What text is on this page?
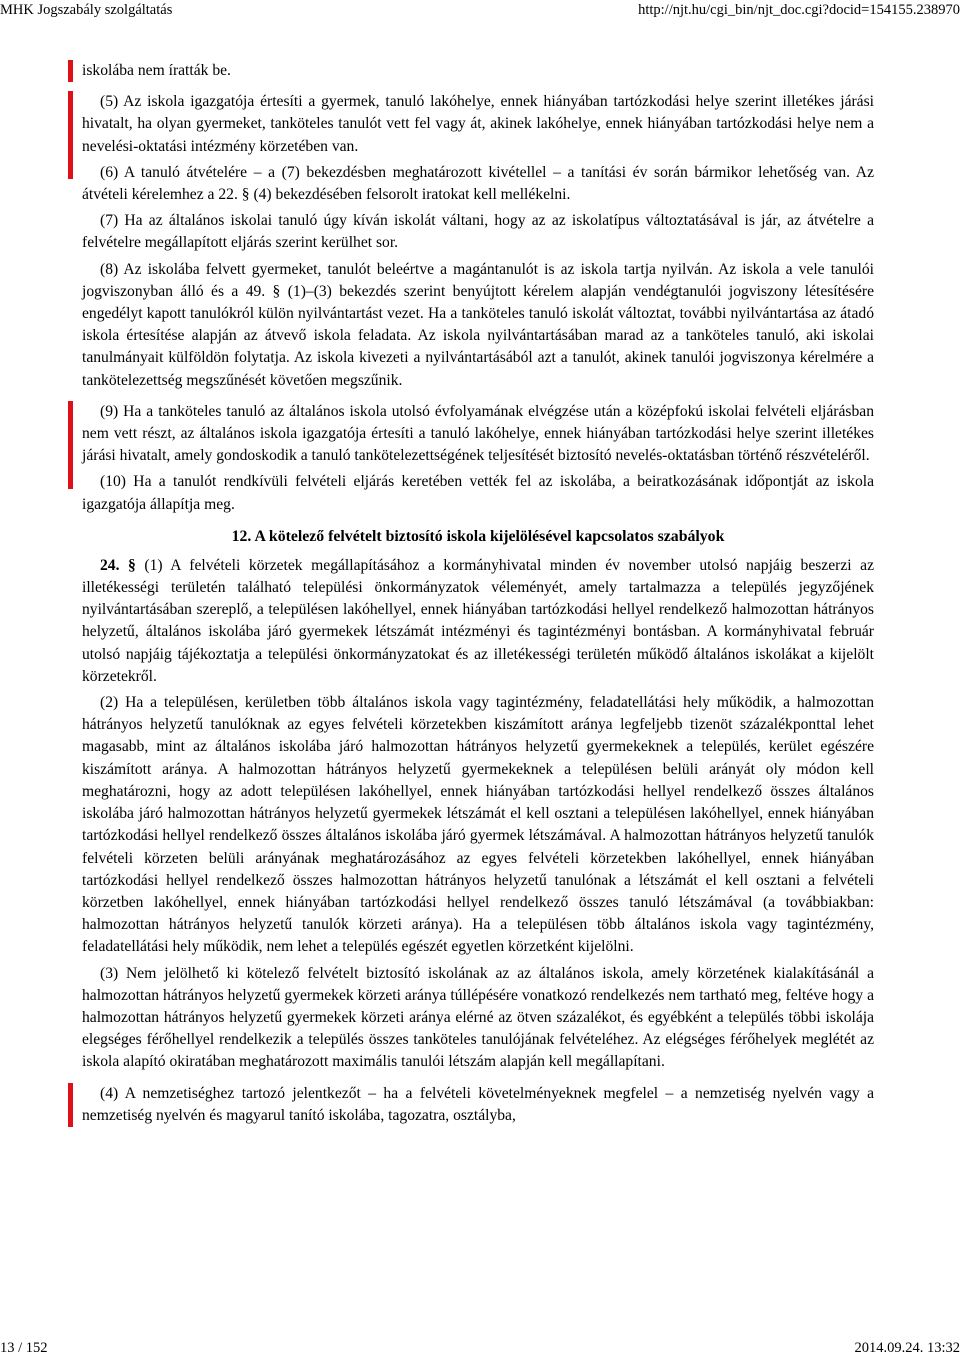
MHK Jogszabály szolgáltatás	http://njt.hu/cgi_bin/njt_doc.cgi?docid=154155.238970

iskolába nem íratták be.

(5) Az iskola igazgatója értesíti a gyermek, tanuló lakóhelye, ennek hiányában tartózkodási helye szerint illetékes járási hivatalt, ha olyan gyermeket, tanköteles tanulót vett fel vagy át, akinek lakóhelye, ennek hiányában tartózkodási helye nem a nevelési-oktatási intézmény körzetében van.

(6) A tanuló átvételére – a (7) bekezdésben meghatározott kivétellel – a tanítási év során bármikor lehetőség van. Az átvételi kérelemhez a 22. § (4) bekezdésében felsorolt iratokat kell mellékelni.

(7) Ha az általános iskolai tanuló úgy kíván iskolát váltani, hogy az az iskolatípus változtatásával is jár, az átvételre a felvételre megállapított eljárás szerint kerülhet sor.

(8) Az iskolába felvett gyermeket, tanulót beleértve a magántanulót is az iskola tartja nyilván. Az iskola a vele tanulói jogviszonyban álló és a 49. § (1)–(3) bekezdés szerint benyújtott kérelem alapján vendégtanulói jogviszony létesítésére engedélyt kapott tanulókról külön nyilvántartást vezet. Ha a tanköteles tanuló iskolát változtat, további nyilvántartása az átadó iskola értesítése alapján az átvevő iskola feladata. Az iskola nyilvántartásában marad az a tanköteles tanuló, aki iskolai tanulmányait külföldön folytatja. Az iskola kivezeti a nyilvántartásából azt a tanulót, akinek tanulói jogviszonya kérelmére a tankötelezettség megszűnését követően megszűnik.

(9) Ha a tanköteles tanuló az általános iskola utolsó évfolyamának elvégzése után a középfokú iskolai felvételi eljárásban nem vett részt, az általános iskola igazgatója értesíti a tanuló lakóhelye, ennek hiányában tartózkodási helye szerint illetékes járási hivatalt, amely gondoskodik a tanuló tankötelezettségének teljesítését biztosító nevelés-oktatásban történő részvételéről.

(10) Ha a tanulót rendkívüli felvételi eljárás keretében vették fel az iskolába, a beiratkozásának időpontját az iskola igazgatója állapítja meg.

12. A kötelező felvételt biztosító iskola kijelölésével kapcsolatos szabályok

24. § (1) A felvételi körzetek megállapításához a kormányhivatal minden év november utolsó napjáig beszerzi az illetékességi területén található települési önkormányzatok véleményét, amely tartalmazza a település jegyzőjének nyilvántartásában szereplő, a településen lakóhellyel, ennek hiányában tartózkodási hellyel rendelkező halmozottan hátrányos helyzetű, általános iskolába járó gyermekek létszámát intézményi és tagintézményi bontásban. A kormányhivatal február utolsó napjáig tájékoztatja a települési önkormányzatokat és az illetékességi területén működő általános iskolákat a kijelölt körzetekről.

(2) Ha a településen, kerületben több általános iskola vagy tagintézmény, feladatellátási hely működik, a halmozottan hátrányos helyzetű tanulóknak az egyes felvételi körzetekben kiszámított aránya legfeljebb tizenöt százalékponttal lehet magasabb, mint az általános iskolába járó halmozottan hátrányos helyzetű gyermekeknek a település, kerület egészére kiszámított aránya. A halmozottan hátrányos helyzetű gyermekeknek a településen belüli arányát oly módon kell meghatározni, hogy az adott településen lakóhellyel, ennek hiányában tartózkodási hellyel rendelkező összes általános iskolába járó halmozottan hátrányos helyzetű gyermekek létszámát el kell osztani a településen lakóhellyel, ennek hiányában tartózkodási hellyel rendelkező összes általános iskolába járó gyermek létszámával. A halmozottan hátrányos helyzetű tanulók felvételi körzeten belüli arányának meghatározásához az egyes felvételi körzetekben lakóhellyel, ennek hiányában tartózkodási hellyel rendelkező összes halmozottan hátrányos helyzetű tanulónak a létszámát el kell osztani a felvételi körzetben lakóhellyel, ennek hiányában tartózkodási hellyel rendelkező összes tanuló létszámával (a továbbiakban: halmozottan hátrányos helyzetű tanulók körzeti aránya). Ha a településen több általános iskola vagy tagintézmény, feladatellátási hely működik, nem lehet a település egészét egyetlen körzetként kijelölni.

(3) Nem jelölhető ki kötelező felvételt biztosító iskolának az az általános iskola, amely körzetének kialakításánál a halmozottan hátrányos helyzetű gyermekek körzeti aránya túllépésére vonatkozó rendelkezés nem tartható meg, feltéve hogy a halmozottan hátrányos helyzetű gyermekek körzeti aránya elérné az ötven százalékot, és egyébként a település többi iskolája elegséges férőhellyel rendelkezik a település összes tanköteles tanulójának felvételéhez. Az elégséges férőhelyek meglétét az iskola alapító okiratában meghatározott maximális tanulói létszám alapján kell megállapítani.

(4) A nemzetiséghez tartozó jelentkezőt – ha a felvételi követelményeknek megfelel – a nemzetiség nyelvén vagy a nemzetiség nyelvén és magyarul tanító iskolába, tagozatra, osztályba,

13 / 152	2014.09.24. 13:32
